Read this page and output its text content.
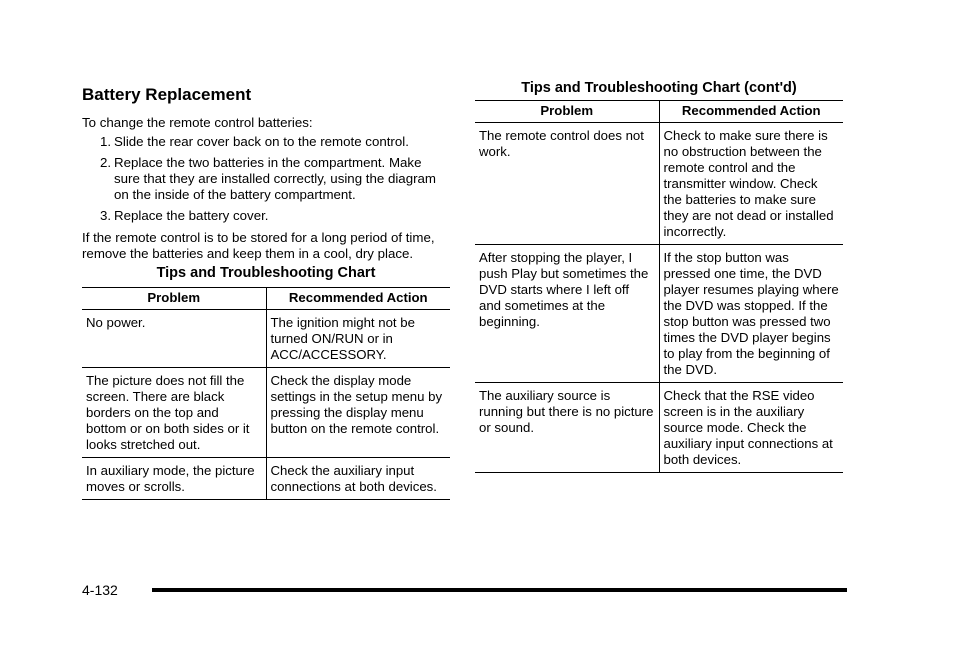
Battery Replacement

To change the remote control batteries:

1. Slide the rear cover back on to the remote control.
2. Replace the two batteries in the compartment. Make sure that they are installed correctly, using the diagram on the inside of the battery compartment.
3. Replace the battery cover.

If the remote control is to be stored for a long period of time, remove the batteries and keep them in a cool, dry place.

Tips and Troubleshooting Chart
Problem	Recommended Action
No power.	The ignition might not be turned ON/RUN or in ACC/ACCESSORY.
The picture does not fill the screen. There are black borders on the top and bottom or on both sides or it looks stretched out.	Check the display mode settings in the setup menu by pressing the display menu button on the remote control.
In auxiliary mode, the picture moves or scrolls.	Check the auxiliary input connections at both devices.
Tips and Troubleshooting Chart (cont'd)
Problem	Recommended Action
The remote control does not work.	Check to make sure there is no obstruction between the remote control and the transmitter window. Check the batteries to make sure they are not dead or installed incorrectly.
After stopping the player, I push Play but sometimes the DVD starts where I left off and sometimes at the beginning.	If the stop button was pressed one time, the DVD player resumes playing where the DVD was stopped. If the stop button was pressed two times the DVD player begins to play from the beginning of the DVD.
The auxiliary source is running but there is no picture or sound.	Check that the RSE video screen is in the auxiliary source mode. Check the auxiliary input connections at both devices.
4-132
